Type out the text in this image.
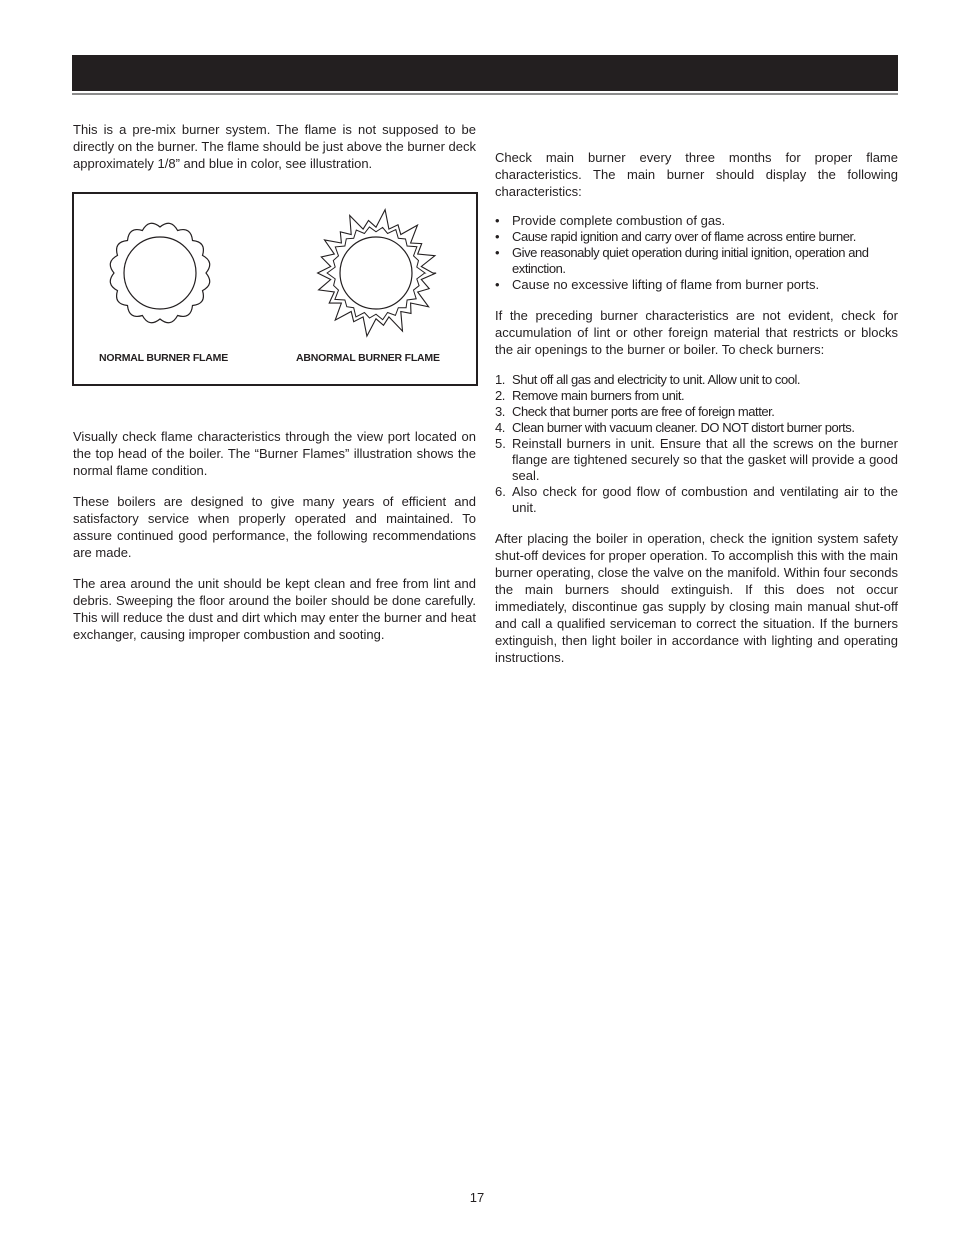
This is a pre-mix burner system. The flame is not supposed to be directly on the burner. The flame should be just above the burner deck approximately 1/8” and blue in color, see illustration.

NORMAL BURNER FLAME	ABNORMAL BURNER FLAME

Visually check flame characteristics through the view port located on the top head of the boiler. The “Burner Flames” illustration shows the normal flame condition.

These boilers are designed to give many years of efficient and satisfactory service when properly operated and maintained. To assure continued good performance, the following recommendations are made.

The area around the unit should be kept clean and free from lint and debris. Sweeping the floor around the boiler should be done carefully. This will reduce the dust and dirt which may enter the burner and heat exchanger, causing improper combustion and sooting.

Check main burner every three months for proper flame characteristics. The main burner should display the following characteristics:

• Provide complete combustion of gas.
• Cause rapid ignition and carry over of flame across entire burner.
• Give reasonably quiet operation during initial ignition, operation and extinction.
• Cause no excessive lifting of flame from burner ports.

If the preceding burner characteristics are not evident, check for accumulation of lint or other foreign material that restricts or blocks the air openings to the burner or boiler. To check burners:

1. Shut off all gas and electricity to unit. Allow unit to cool.
2. Remove main burners from unit.
3. Check that burner ports are free of foreign matter.
4. Clean burner with vacuum cleaner. DO NOT distort burner ports.
5. Reinstall burners in unit. Ensure that all the screws on the burner flange are tightened securely so that the gasket will provide a good seal.
6. Also check for good flow of combustion and ventilating air to the unit.

After placing the boiler in operation, check the ignition system safety shut-off devices for proper operation. To accomplish this with the main burner operating, close the valve on the manifold. Within four seconds the main burners should extinguish. If this does not occur immediately, discontinue gas supply by closing main manual shut-off and call a qualified serviceman to correct the situation. If the burners extinguish, then light boiler in accordance with lighting and operating instructions.

17
